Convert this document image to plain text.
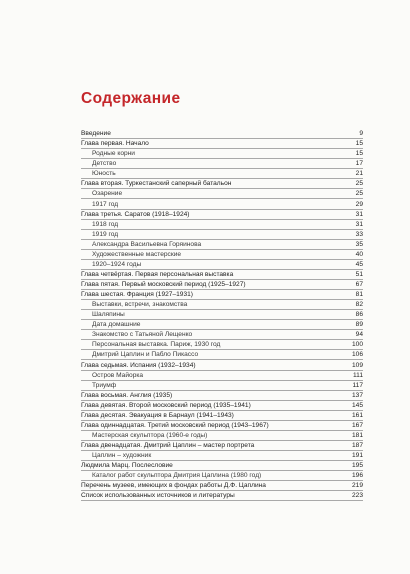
Содержание
Введение	9
Глава первая. Начало	15
Родные корни	15
Детство	17
Юность	21
Глава вторая. Туркестанский саперный батальон	25
Озарение	25
1917 год	29
Глава третья. Саратов (1918–1924)	31
1918 год	31
1919 год	33
Александра Васильевна Горяинова	35
Художественные мастерские	40
1920–1924 годы	45
Глава четвёртая. Первая персональная выставка	51
Глава пятая. Первый московский период (1925–1927)	67
Глава шестая. Франция (1927–1931)	81
Выставки, встречи, знакомства	82
Шаляпины	86
Дата домашние	89
Знакомство с Татьяной Лещенко	94
Персональная выставка. Париж, 1930 год	100
Дмитрий Цаплин и Пабло Пикассо	106
Глава седьмая. Испания (1932–1934)	109
Остров Майорка	111
Триумф	117
Глава восьмая. Англия (1935)	137
Глава девятая. Второй московский период (1935–1941)	145
Глава десятая. Эвакуация в Барнаул (1941–1943)	161
Глава одиннадцатая. Третий московский период (1943–1967)	167
Мастерская скульптора (1960-е годы)	181
Глава двенадцатая. Дмитрий Цаплин – мастер портрета	187
Цаплин – художник	191
Людмила Марц. Послесловие	195
Каталог работ скульптора Дмитрия Цаплина (1980 год)	196
Перечень музеев, имеющих в фондах работы Д.Ф. Цаплина	219
Список использованных источников и литературы	223
